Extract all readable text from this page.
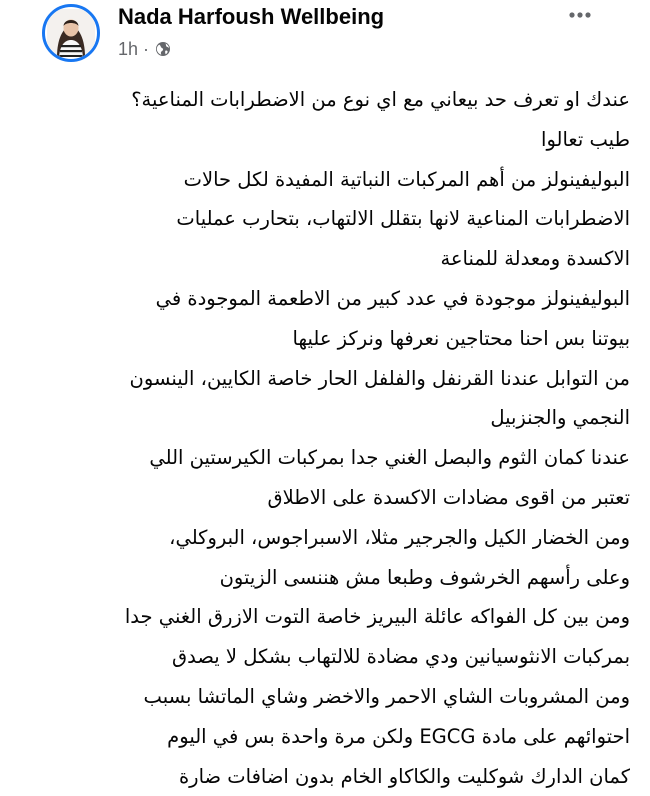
Nada Harfoush Wellbeing
1h ·
عندك او تعرف حد بيعاني مع اي نوع من الاضطرابات المناعية؟
طيب تعالوا
البوليفينولز من أهم المركبات النباتية المفيدة لكل حالات
الاضطرابات المناعية لانها بتقلل الالتهاب، بتحارب عمليات
الاكسدة ومعدلة للمناعة
البوليفينولز موجودة في عدد كبير من الاطعمة الموجودة في
بيوتنا بس احنا محتاجين نعرفها ونركز عليها
من التوابل عندنا القرنفل والفلفل الحار خاصة الكايين، الينسون
النجمي والجنزبيل
عندنا كمان الثوم والبصل الغني جدا بمركبات الكيرستين اللي
تعتبر من اقوى مضادات الاكسدة على الاطلاق
ومن الخضار الكيل والجرجير مثلا، الاسبراجوس، البروكلي،
وعلى رأسهم الخرشوف وطبعا مش هننسى الزيتون
ومن بين كل الفواكه عائلة البيريز خاصة التوت الازرق الغني جدا
بمركبات الانثوسيانين ودي مضادة للالتهاب بشكل لا يصدق
ومن المشروبات الشاي الاحمر والاخضر وشاي الماتشا بسبب
احتوائهم على مادة EGCG ولكن مرة واحدة بس في اليوم
كمان الدارك شوكليت والكاكاو الخام بدون اضافات ضارة
